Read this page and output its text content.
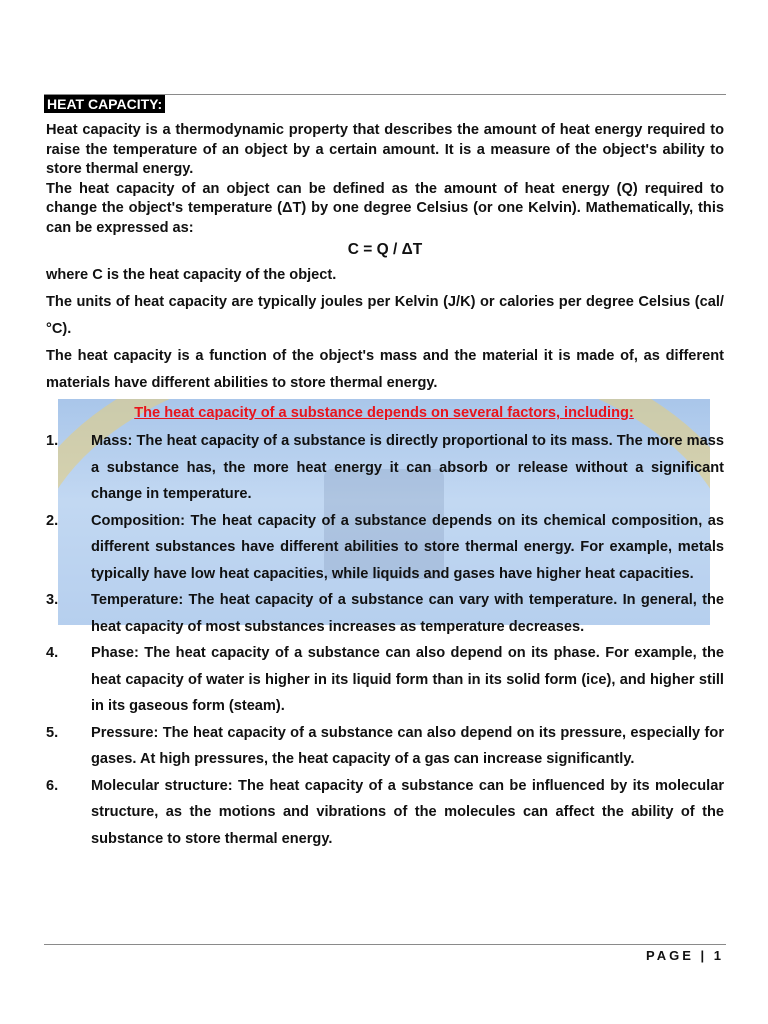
HEAT CAPACITY:

Heat capacity is a thermodynamic property that describes the amount of heat energy required to raise the temperature of an object by a certain amount. It is a measure of the object's ability to store thermal energy.

The heat capacity of an object can be defined as the amount of heat energy (Q) required to change the object's temperature (ΔT) by one degree Celsius (or one Kelvin). Mathematically, this can be expressed as:

C = Q / ΔT

where C is the heat capacity of the object.

The units of heat capacity are typically joules per Kelvin (J/K) or calories per degree Celsius (cal/°C).

The heat capacity is a function of the object's mass and the material it is made of, as different materials have different abilities to store thermal energy.

The heat capacity of a substance depends on several factors, including:
1.	Mass: The heat capacity of a substance is directly proportional to its mass. The more mass a substance has, the more heat energy it can absorb or release without a significant change in temperature.
2.	Composition: The heat capacity of a substance depends on its chemical composition, as different substances have different abilities to store thermal energy. For example, metals typically have low heat capacities, while liquids and gases have higher heat capacities.
3.	Temperature: The heat capacity of a substance can vary with temperature. In general, the heat capacity of most substances increases as temperature decreases.
4.	Phase: The heat capacity of a substance can also depend on its phase. For example, the heat capacity of water is higher in its liquid form than in its solid form (ice), and higher still in its gaseous form (steam).
5.	Pressure: The heat capacity of a substance can also depend on its pressure, especially for gases. At high pressures, the heat capacity of a gas can increase significantly.
6.	Molecular structure: The heat capacity of a substance can be influenced by its molecular structure, as the motions and vibrations of the molecules can affect the ability of the substance to store thermal energy.
PAGE | 1
